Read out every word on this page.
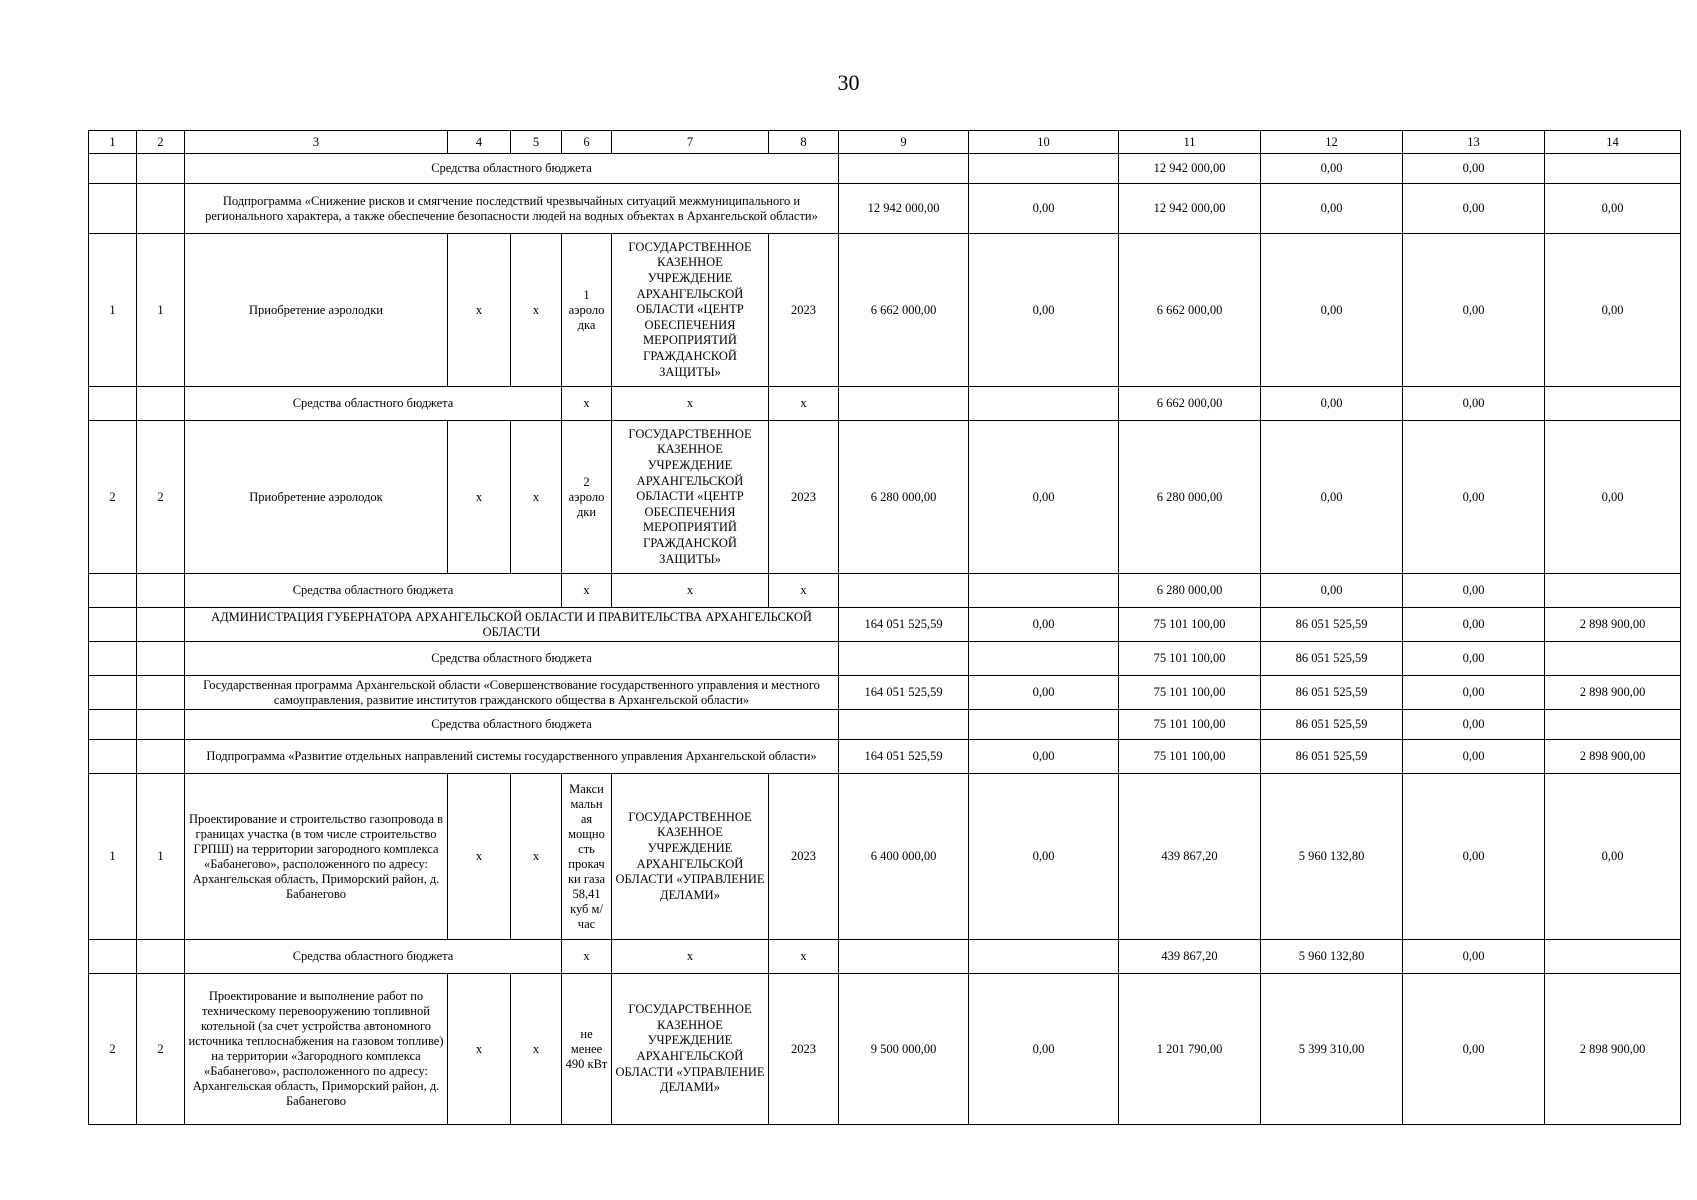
30
1	2	3	4	5	6	7	8	9	10	11	12	13	14
		Средства областного бюджета								12 942 000,00	0,00	0,00	
		Подпрограмма «Снижение рисков и смягчение последствий чрезвычайных ситуаций межмуниципального и регионального характера, а также обеспечение безопасности людей на водных объектах в Архангельской области»						12 942 000,00	0,00	12 942 000,00	0,00	0,00	0,00
1	1	Приобретение аэролодки	х	х	1 аэроло дка	ГОСУДАРСТВЕННОЕ КАЗЕННОЕ УЧРЕЖДЕНИЕ АРХАНГЕЛЬСКОЙ ОБЛАСТИ «ЦЕНТР ОБЕСПЕЧЕНИЯ МЕРОПРИЯТИЙ ГРАЖДАНСКОЙ ЗАЩИТЫ»	2023	6 662 000,00	0,00	6 662 000,00	0,00	0,00	0,00
		Средства областного бюджета			х	х	х			6 662 000,00	0,00	0,00	
2	2	Приобретение аэролодок	х	х	2 аэроло дки	ГОСУДАРСТВЕННОЕ КАЗЕННОЕ УЧРЕЖДЕНИЕ АРХАНГЕЛЬСКОЙ ОБЛАСТИ «ЦЕНТР ОБЕСПЕЧЕНИЯ МЕРОПРИЯТИЙ ГРАЖДАНСКОЙ ЗАЩИТЫ»	2023	6 280 000,00	0,00	6 280 000,00	0,00	0,00	0,00
		Средства областного бюджета			х	х	х			6 280 000,00	0,00	0,00	
		АДМИНИСТРАЦИЯ ГУБЕРНАТОРА АРХАНГЕЛЬСКОЙ ОБЛАСТИ И ПРАВИТЕЛЬСТВА АРХАНГЕЛЬСКОЙ ОБЛАСТИ						164 051 525,59	0,00	75 101 100,00	86 051 525,59	0,00	2 898 900,00
		Средства областного бюджета								75 101 100,00	86 051 525,59	0,00	
		Государственная программа Архангельской области «Совершенствование государственного управления и местного самоуправления, развитие институтов гражданского общества в Архангельской области»						164 051 525,59	0,00	75 101 100,00	86 051 525,59	0,00	2 898 900,00
		Средства областного бюджета								75 101 100,00	86 051 525,59	0,00	
		Подпрограмма «Развитие отдельных направлений системы государственного управления Архангельской области»						164 051 525,59	0,00	75 101 100,00	86 051 525,59	0,00	2 898 900,00
1	1	Проектирование и строительство газопровода в границах участка (в том числе строительство ГРПШ) на территории загородного комплекса «Бабанегово», расположенного по адресу: Архангельская область, Приморский район, д. Бабанегово	х	х	Макси мальн ая мощно сть прокач ки газа 58,41 куб м/час	ГОСУДАРСТВЕННОЕ КАЗЕННОЕ УЧРЕЖДЕНИЕ АРХАНГЕЛЬСКОЙ ОБЛАСТИ «УПРАВЛЕНИЕ ДЕЛАМИ»	2023	6 400 000,00	0,00	439 867,20	5 960 132,80	0,00	0,00
		Средства областного бюджета			х	х	х			439 867,20	5 960 132,80	0,00	
2	2	Проектирование и выполнение работ по техническому перевооружению топливной котельной (за счет устройства автономного источника теплоснабжения на газовом топливе) на территории «Загородного комплекса «Бабанегово», расположенного по адресу: Архангельская область, Приморский район, д. Бабанегово	х	х	не менее 490 кВт	ГОСУДАРСТВЕННОЕ КАЗЕННОЕ УЧРЕЖДЕНИЕ АРХАНГЕЛЬСКОЙ ОБЛАСТИ «УПРАВЛЕНИЕ ДЕЛАМИ»	2023	9 500 000,00	0,00	1 201 790,00	5 399 310,00	0,00	2 898 900,00
